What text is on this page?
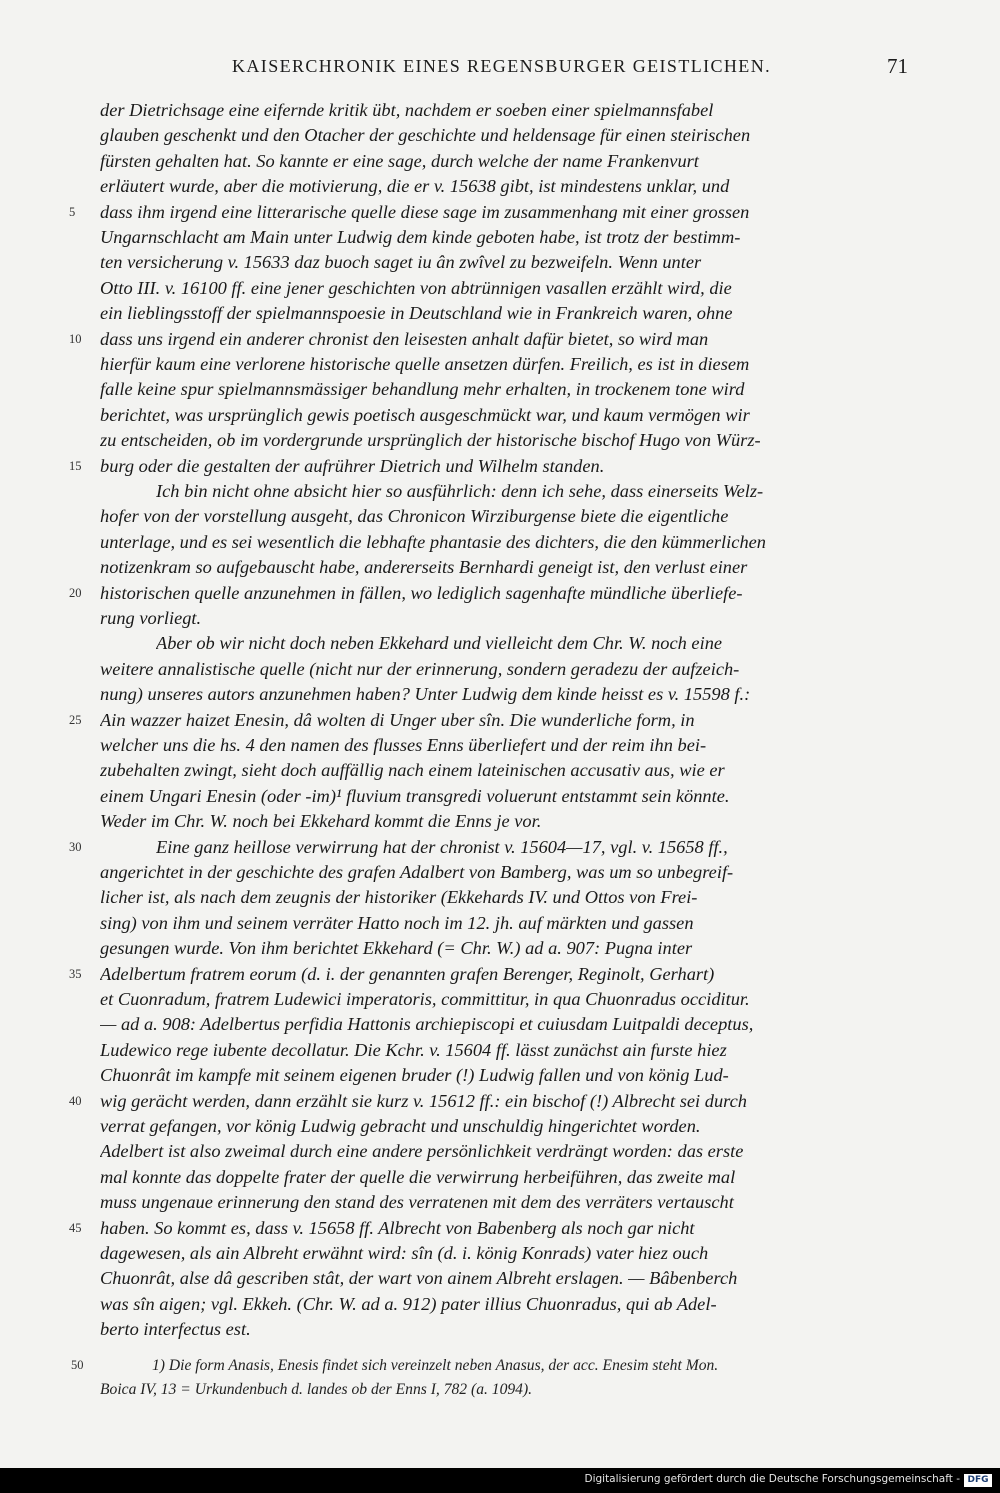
KAISERCHRONIK EINES REGENSBURGER GEISTLICHEN.	71
der Dietrichsage eine eifernde kritik übt, nachdem er soeben einer spielmannsfabel
glauben geschenkt und den Otacher der geschichte und heldensage für einen steirischen
fürsten gehalten hat. So kannte er eine sage, durch welche der name Frankenvurt
erläutert wurde, aber die motivierung, die er v. 15638 gibt, ist mindestens unklar, und
dass ihm irgend eine litterarische quelle diese sage im zusammenhang mit einer grossen
5
Ungarnschlacht am Main unter Ludwig dem kinde geboten habe, ist trotz der bestimm-
ten versicherung v. 15633 daz buoch saget iu ân zwîvel zu bezweifeln. Wenn unter
Otto III. v. 16100 ff. eine jener geschichten von abtrünnigen vasallen erzählt wird, die
ein lieblingsstoff der spielmannspoesie in Deutschland wie in Frankreich waren, ohne
dass uns irgend ein anderer chronist den leisesten anhalt dafür bietet, so wird man
10
hierfür kaum eine verlorene historische quelle ansetzen dürfen. Freilich, es ist in diesem
falle keine spur spielmannsmässiger behandlung mehr erhalten, in trockenem tone wird
berichtet, was ursprünglich gewis poetisch ausgeschmückt war, und kaum vermögen wir
zu entscheiden, ob im vordergrunde ursprünglich der historische bischof Hugo von Würz-
burg oder die gestalten der aufrührer Dietrich und Wilhelm standen.
15
Ich bin nicht ohne absicht hier so ausführlich: denn ich sehe, dass einerseits Welz-
hofer von der vorstellung ausgeht, das Chronicon Wirziburgense biete die eigentliche
unterlage, und es sei wesentlich die lebhafte phantasie des dichters, die den kümmerlichen
notizenkram so aufgebauscht habe, andererseits Bernhardi geneigt ist, den verlust einer
historischen quelle anzunehmen in fällen, wo lediglich sagenhafte mündliche überliefe-
20
rung vorliegt.
Aber ob wir nicht doch neben Ekkehard und vielleicht dem Chr. W. noch eine
weitere annalistische quelle (nicht nur der erinnerung, sondern geradezu der aufzeich-
nung) unseres autors anzunehmen haben? Unter Ludwig dem kinde heisst es v. 15598 f.:
Ain wazzer haizet Enesin, dâ wolten di Unger uber sîn. Die wunderliche form, in
25
welcher uns die hs. 4 den namen des flusses Enns überliefert und der reim ihn bei-
zubehalten zwingt, sieht doch auffällig nach einem lateinischen accusativ aus, wie er
einem Ungari Enesin (oder -im)¹ fluvium transgredi voluerunt entstammt sein könnte.
Weder im Chr. W. noch bei Ekkehard kommt die Enns je vor.
Eine ganz heillose verwirrung hat der chronist v. 15604—17, vgl. v. 15658 ff.,
30
angerichtet in der geschichte des grafen Adalbert von Bamberg, was um so unbegreif-
licher ist, als nach dem zeugnis der historiker (Ekkehards IV. und Ottos von Frei-
sing) von ihm und seinem verräter Hatto noch im 12. jh. auf märkten und gassen
gesungen wurde. Von ihm berichtet Ekkehard (= Chr. W.) ad a. 907: Pugna inter
Adelbertum fratrem eorum (d. i. der genannten grafen Berenger, Reginolt, Gerhart)
35
et Cuonradum, fratrem Ludewici imperatoris, committitur, in qua Chuonradus occiditur.
— ad a. 908: Adelbertus perfidia Hattonis archiepiscopi et cuiusdam Luitpaldi deceptus,
Ludewico rege iubente decollatur. Die Kchr. v. 15604 ff. lässt zunächst ain furste hiez
Chuonrât im kampfe mit seinem eigenen bruder (!) Ludwig fallen und von könig Lud-
wig gerächt werden, dann erzählt sie kurz v. 15612 ff.: ein bischof (!) Albrecht sei durch
40
verrat gefangen, vor könig Ludwig gebracht und unschuldig hingerichtet worden.
Adelbert ist also zweimal durch eine andere persönlichkeit verdrängt worden: das erste
mal konnte das doppelte frater der quelle die verwirrung herbeiführen, das zweite mal
muss ungenaue erinnerung den stand des verratenen mit dem des verräters vertauscht
haben. So kommt es, dass v. 15658 ff. Albrecht von Babenberg als noch gar nicht
45
dagewesen, als ain Albreht erwähnt wird: sîn (d. i. könig Konrads) vater hiez ouch
Chuonrât, alse dâ gescriben stât, der wart von ainem Albreht erslagen. — Bâbenberch
was sîn aigen; vgl. Ekkeh. (Chr. W. ad a. 912) pater illius Chuonradus, qui ab Adel-
berto interfectus est.
50	1) Die form Anasis, Enesis findet sich vereinzelt neben Anasus, der acc. Enesim steht Mon.
Boica IV, 13 = Urkundenbuch d. landes ob der Enns I, 782 (a. 1094).
Digitalisierung gefördert durch die Deutsche Forschungsgemeinschaft - DFG
